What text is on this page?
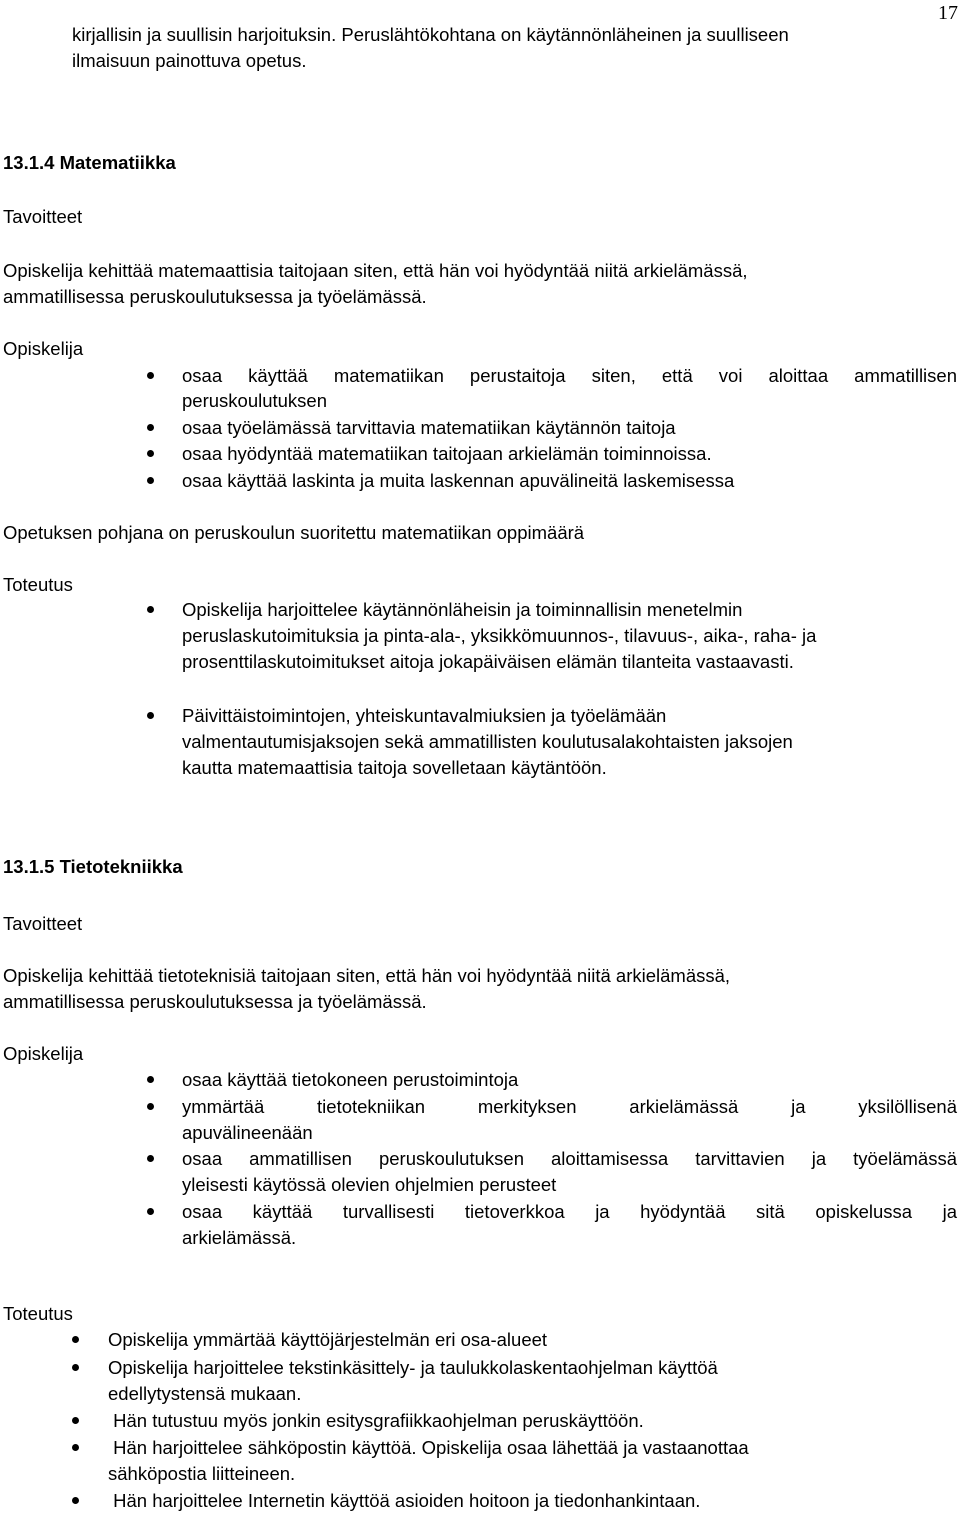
17
kirjallisin ja suullisin harjoituksin. Peruslähtökohtana on käytännönläheinen ja suulliseen
ilmaisuun painottuva opetus.
13.1.4 Matematiikka
Tavoitteet
Opiskelija kehittää matemaattisia taitojaan siten, että hän voi hyödyntää niitä arkielämässä,
ammatillisessa peruskoulutuksessa ja työelämässä.
Opiskelija
osaa käyttää matematiikan perustaitoja siten, että voi aloittaa ammatillisen
peruskoulutuksen
osaa työelämässä tarvittavia matematiikan käytännön taitoja
osaa hyödyntää matematiikan taitojaan arkielämän toiminnoissa.
osaa käyttää laskinta ja muita laskennan apuvälineitä laskemisessa
Opetuksen pohjana on peruskoulun suoritettu matematiikan oppimäärä
Toteutus
Opiskelija harjoittelee käytännönläheisin ja toiminnallisin menetelmin
peruslaskutoimituksia ja pinta-ala-, yksikkömuunnos-, tilavuus-, aika-, raha- ja
prosenttilaskutoimitukset aitoja jokapäiväisen elämän tilanteita vastaavasti.
Päivittäistoimintojen, yhteiskuntavalmiuksien ja työelämään
valmentautumisjaksojen sekä ammatillisten koulutusalakohtaisten jaksojen
kautta matemaattisia taitoja sovelletaan käytäntöön.
13.1.5 Tietotekniikka
Tavoitteet
Opiskelija kehittää tietoteknisiä taitojaan siten, että hän voi hyödyntää niitä arkielämässä,
ammatillisessa peruskoulutuksessa ja työelämässä.
Opiskelija
osaa käyttää tietokoneen perustoimintoja
ymmärtää tietotekniikan merkityksen arkielämässä ja yksilöllisenä
apuvälineenään
osaa ammatillisen peruskoulutuksen aloittamisessa tarvittavien ja työelämässä
yleisesti käytössä olevien ohjelmien perusteet
osaa käyttää turvallisesti tietoverkkoa ja hyödyntää sitä opiskelussa ja
arkielämässä.
Toteutus
Opiskelija ymmärtää käyttöjärjestelmän eri osa-alueet
Opiskelija harjoittelee tekstinkäsittely- ja taulukkolaskentaohjelman käyttöä
edellytystensä mukaan.
Hän tutustuu myös jonkin esitysgrafiikkaohjelman peruskäyttöön.
Hän harjoittelee sähköpostin käyttöä. Opiskelija osaa lähettää ja vastaanottaa
sähköpostia liitteineen.
Hän harjoittelee Internetin käyttöä asioiden hoitoon ja tiedonhankintaan.
